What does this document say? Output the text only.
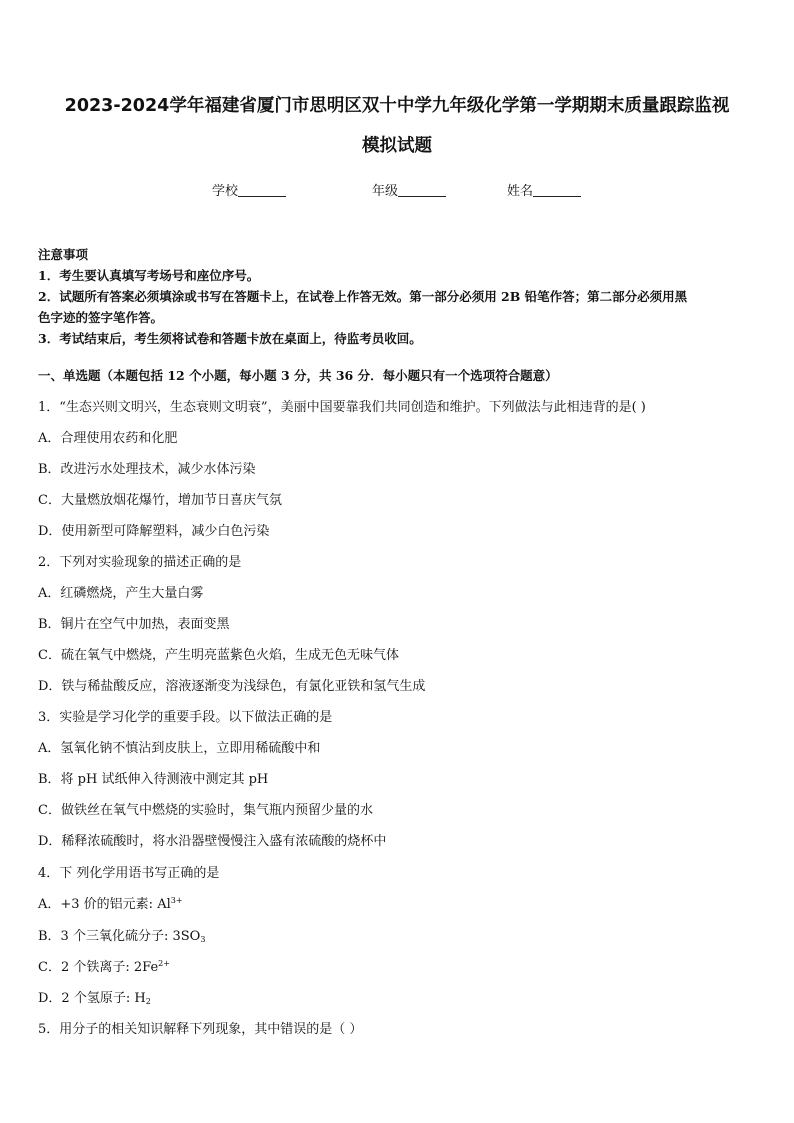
2023-2024学年福建省厦门市思明区双十中学九年级化学第一学期期末质量跟踪监视
模拟试题
学校	年级	姓名
注意事项
1．考生要认真填写考场号和座位序号。
2．试题所有答案必须填涂或书写在答题卡上，在试卷上作答无效。第一部分必须用 2B 铅笔作答；第二部分必须用黑
色字迹的签字笔作答。
3．考试结束后，考生须将试卷和答题卡放在桌面上，待监考员收回。
一、单选题（本题包括 12 个小题，每小题 3 分，共 36 分．每小题只有一个选项符合题意）
1．“生态兴则文明兴，生态衰则文明衰”，美丽中国要靠我们共同创造和维护。下列做法与此相违背的是( )
A．合理使用农药和化肥
B．改进污水处理技术，减少水体污染
C．大量燃放烟花爆竹，增加节日喜庆气氛
D．使用新型可降解塑料，减少白色污染
2．下列对实验现象的描述正确的是
A．红磷燃烧，产生大量白雾
B．铜片在空气中加热，表面变黑
C．硫在氧气中燃烧，产生明亮蓝紫色火焰，生成无色无味气体
D．铁与稀盐酸反应，溶液逐渐变为浅绿色，有氯化亚铁和氢气生成
3．实验是学习化学的重要手段。以下做法正确的是
A．氢氧化钠不慎沾到皮肤上，立即用稀硫酸中和
B．将 pH 试纸伸入待测液中测定其 pH
C．做铁丝在氧气中燃烧的实验时，集气瓶内预留少量的水
D．稀释浓硫酸时，将水沿器壁慢慢注入盛有浓硫酸的烧杯中
4．下 列化学用语书写正确的是
A．+3 价的铝元素: $Al^{3+}$
B．3 个三氧化硫分子: $3SO_3$
C．2 个铁离子: $2Fe^{2+}$
D．2 个氢原子: $H_2$
5．用分子的相关知识解释下列现象，其中错误的是（ ）
